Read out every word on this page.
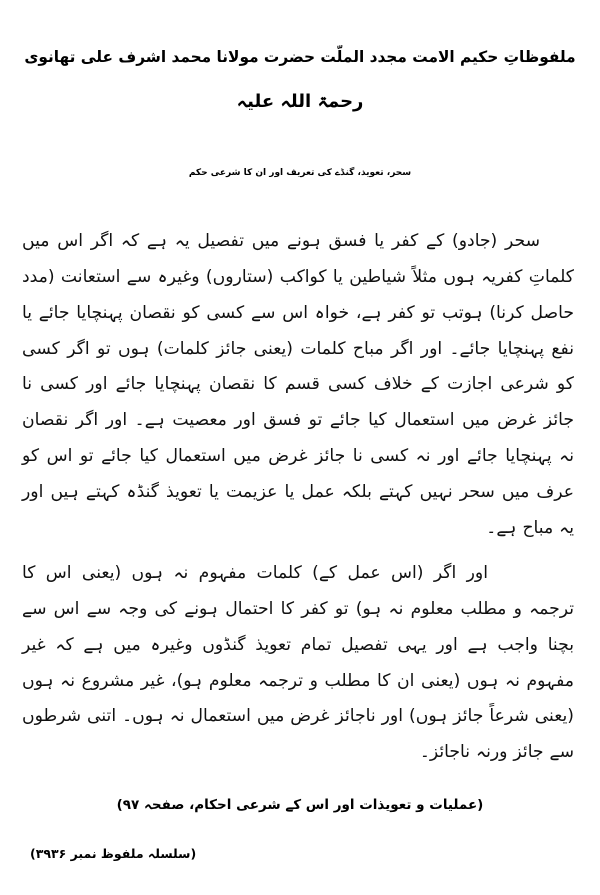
ملفوظاتِ حکیم الامت مجدد الملّت حضرت مولانا محمد اشرف علی تھانوی
رحمۃ اللہ علیہ
سحر، تعویذ، گنڈے کی تعریف اور ان کا شرعی حکم

سحر (جادو) کے کفر یا فسق ہونے میں تفصیل یہ ہے کہ اگر اس میں کلماتِ کفریہ ہوں مثلاً شیاطین یا کواکب (ستاروں) وغیرہ سے استعانت (مدد حاصل کرنا) ہوتب تو کفر ہے، خواہ اس سے کسی کو نقصان پہنچایا جائے یا نفع پہنچایا جائے۔ اور اگر مباح کلمات (یعنی جائز کلمات) ہوں تو اگر کسی کو شرعی اجازت کے خلاف کسی قسم کا نقصان پہنچایا جائے اور کسی نا جائز غرض میں استعمال کیا جائے تو فسق اور معصیت ہے۔ اور اگر نقصان نہ پہنچایا جائے اور نہ کسی نا جائز غرض میں استعمال کیا جائے تو اس کو عرف میں سحر نہیں کہتے بلکہ عمل یا عزیمت یا تعویذ گنڈہ کہتے ہیں اور یہ مباح ہے۔

اور اگر (اس عمل کے) کلمات مفہوم نہ ہوں (یعنی اس کا ترجمہ و مطلب معلوم نہ ہو) تو کفر کا احتمال ہونے کی وجہ سے اس سے بچنا واجب ہے اور یہی تفصیل تمام تعویذ گنڈوں وغیرہ میں ہے کہ غیر مفہوم نہ ہوں (یعنی ان کا مطلب و ترجمہ معلوم ہو)، غیر مشروع نہ ہوں (یعنی شرعاً جائز ہوں) اور ناجائز غرض میں استعمال نہ ہوں۔ اتنی شرطوں سے جائز ورنہ ناجائز۔

(عملیات و تعویذات اور اس کے شرعی احکام، صفحہ ۹۷)
(سلسلہ ملفوظ نمبر ۳۹۳۶)
